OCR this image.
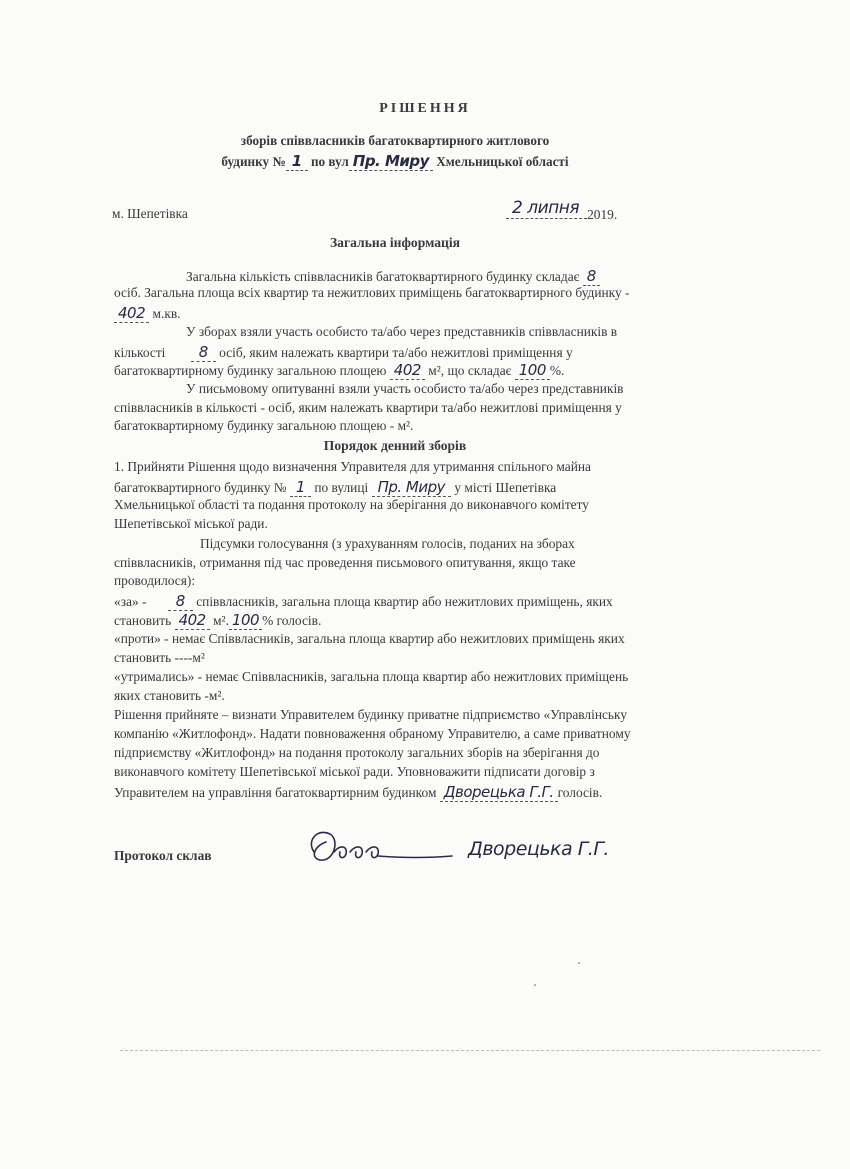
РІШЕННЯ
зборів співвласників багатоквартирного житлового
будинку № 1 по вул Пр. Миру Хмельницької області
м. Шепетівка	2 липня 2019.
Загальна інформація
Загальна кількість співвласників багатоквартирного будинку складає 8
осіб. Загальна площа всіх квартир та нежитлових приміщень багатоквартирного будинку -
402 м.кв.
У зборах взяли участь особисто та/або через представників співвласників в
кількості 8 осіб, яким належать квартири та/або нежитлові приміщення у
багатоквартирному будинку загальною площею 402 м², що складає 100 %.
У письмовому опитуванні взяли участь особисто та/або через представників
співвласників в кількості - осіб, яким належать квартири та/або нежитлові приміщення у
багатоквартирному будинку загальною площею - м².
Порядок денний зборів
1. Прийняти Рішення щодо визначення Управителя для утримання спільного майна
багатоквартирного будинку № 1 по вулиці Пр. Миру у місті Шепетівка
Хмельницької області та подання протоколу на зберігання до виконавчого комітету
Шепетівської міської ради.
Підсумки голосування (з урахуванням голосів, поданих на зборах
співвласників, отримання під час проведення письмового опитування, якщо таке
проводилося):
«за» - 8 співвласників, загальна площа квартир або нежитлових приміщень, яких
становить 402 м². 100 % голосів.
«проти» - немає Співвласників, загальна площа квартир або нежитлових приміщень яких
становить ----м²
«утримались» - немає Співвласників, загальна площа квартир або нежитлових приміщень
яких становить -м².
Рішення прийняте – визнати Управителем будинку приватне підприємство «Управлінську
компанію «Житлофонд». Надати повноваження обраному Управителю, а саме приватному
підприємству «Житлофонд» на подання протоколу загальних зборів на зберігання до
виконавчого комітету Шепетівської міської ради. Уповноважити підписати договір з
Управителем на управління багатоквартирним будинком Дворецька Г.Г. голосів.
Протокол склав	Дворецька Г.Г.
